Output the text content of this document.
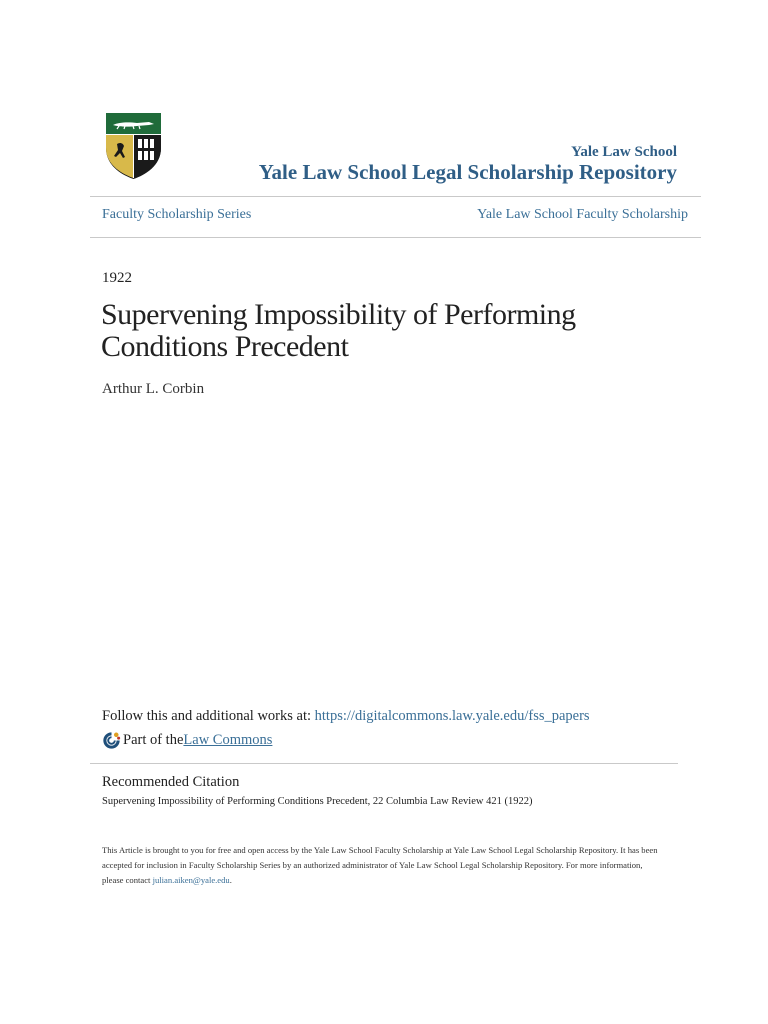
Yale Law School
Yale Law School Legal Scholarship Repository
Faculty Scholarship Series	Yale Law School Faculty Scholarship
1922
Supervening Impossibility of Performing
Conditions Precedent
Arthur L. Corbin
Follow this and additional works at: https://digitalcommons.law.yale.edu/fss_papers
Part of the Law Commons
Recommended Citation
Supervening Impossibility of Performing Conditions Precedent, 22 Columbia Law Review 421 (1922)
This Article is brought to you for free and open access by the Yale Law School Faculty Scholarship at Yale Law School Legal Scholarship Repository. It has been accepted for inclusion in Faculty Scholarship Series by an authorized administrator of Yale Law School Legal Scholarship Repository. For more information, please contact julian.aiken@yale.edu.
